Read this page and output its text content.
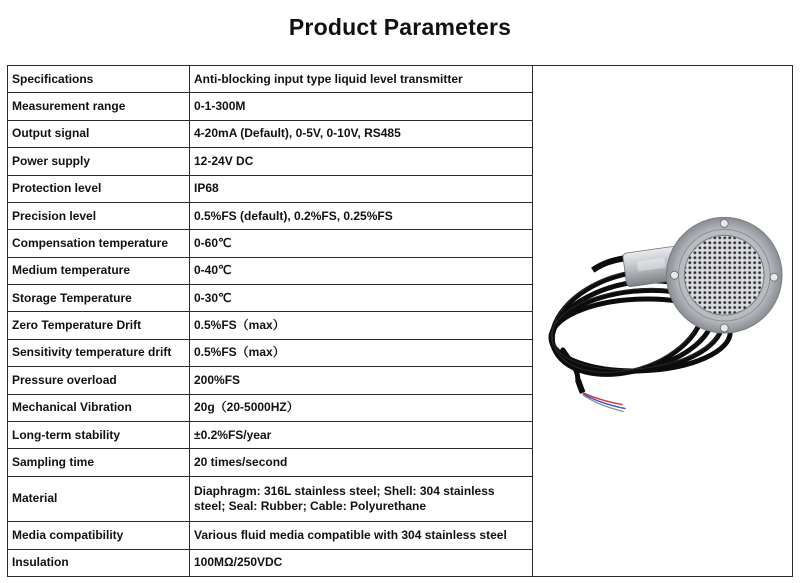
Product Parameters
Specifications	Anti-blocking input type liquid level transmitter	

Measurement range	0-1-300M	
Output signal	4-20mA (Default), 0-5V, 0-10V, RS485	
Power supply	12-24V DC	
Protection level	IP68	
Precision level	0.5%FS (default), 0.2%FS, 0.25%FS	
Compensation temperature	0-60℃	
Medium temperature	0-40℃	
Storage Temperature	0-30℃	
Zero Temperature Drift	0.5%FS（max）	
Sensitivity temperature drift	0.5%FS（max）	
Pressure overload	200%FS	
Mechanical Vibration	20g（20-5000HZ）	
Long-term stability	±0.2%FS/year	
Sampling time	20 times/second	
Material	Diaphragm: 316L stainless steel; Shell: 304 stainless steel; Seal: Rubber; Cable: Polyurethane	
Media compatibility	Various fluid media compatible with 304 stainless steel	
Insulation	100MΩ/250VDC	
